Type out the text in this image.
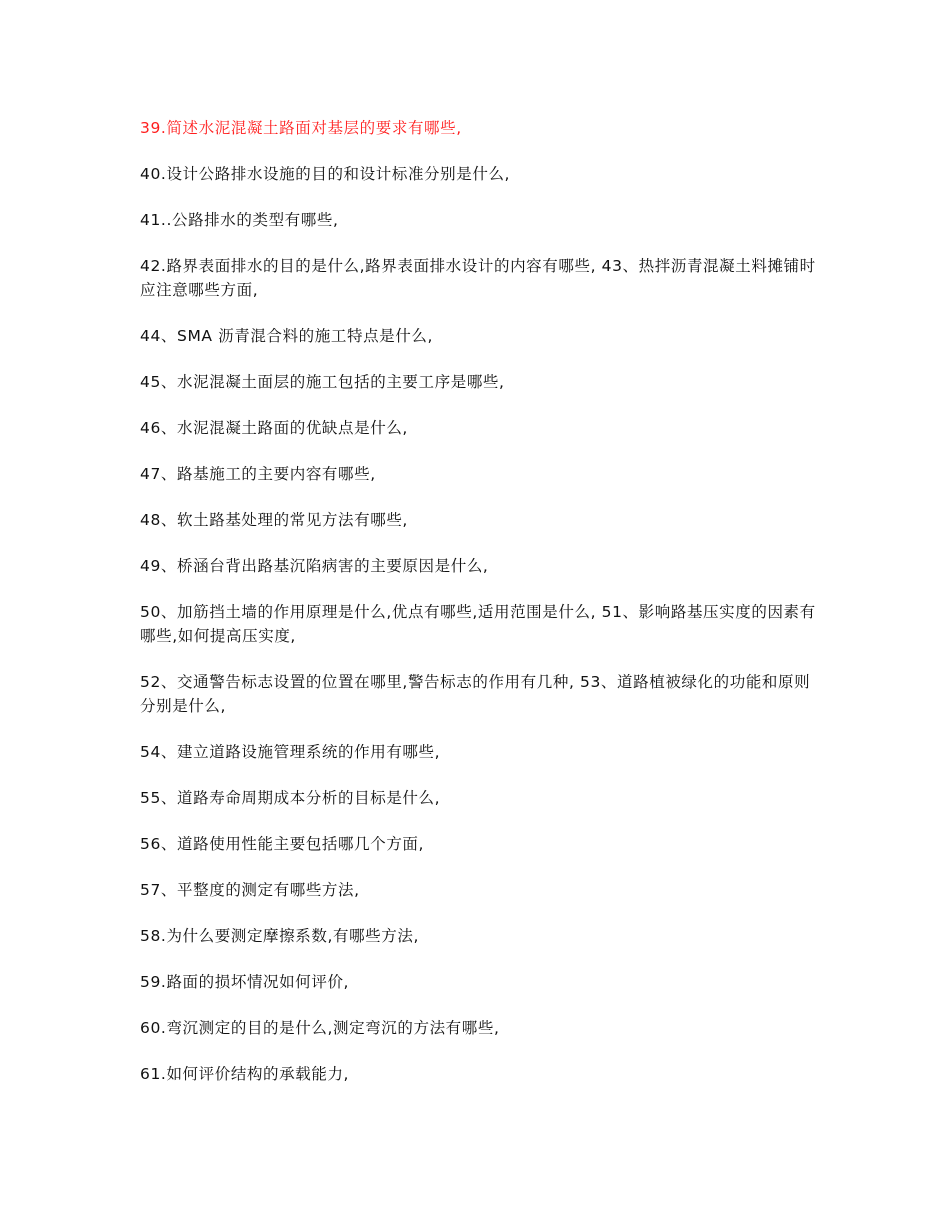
39.简述水泥混凝土路面对基层的要求有哪些,

40.设计公路排水设施的目的和设计标准分别是什么,

41..公路排水的类型有哪些,

42.路界表面排水的目的是什么,路界表面排水设计的内容有哪些, 43、热拌沥青混凝土料摊铺时应注意哪些方面,

44、SMA 沥青混合料的施工特点是什么,

45、水泥混凝土面层的施工包括的主要工序是哪些,

46、水泥混凝土路面的优缺点是什么,

47、路基施工的主要内容有哪些,

48、软土路基处理的常见方法有哪些,

49、桥涵台背出路基沉陷病害的主要原因是什么,

50、加筋挡土墙的作用原理是什么,优点有哪些,适用范围是什么, 51、影响路基压实度的因素有哪些,如何提高压实度,

52、交通警告标志设置的位置在哪里,警告标志的作用有几种, 53、道路植被绿化的功能和原则分别是什么,

54、建立道路设施管理系统的作用有哪些,

55、道路寿命周期成本分析的目标是什么,

56、道路使用性能主要包括哪几个方面,

57、平整度的测定有哪些方法,

58.为什么要测定摩擦系数,有哪些方法,

59.路面的损坏情况如何评价,

60.弯沉测定的目的是什么,测定弯沉的方法有哪些,

61.如何评价结构的承载能力,
